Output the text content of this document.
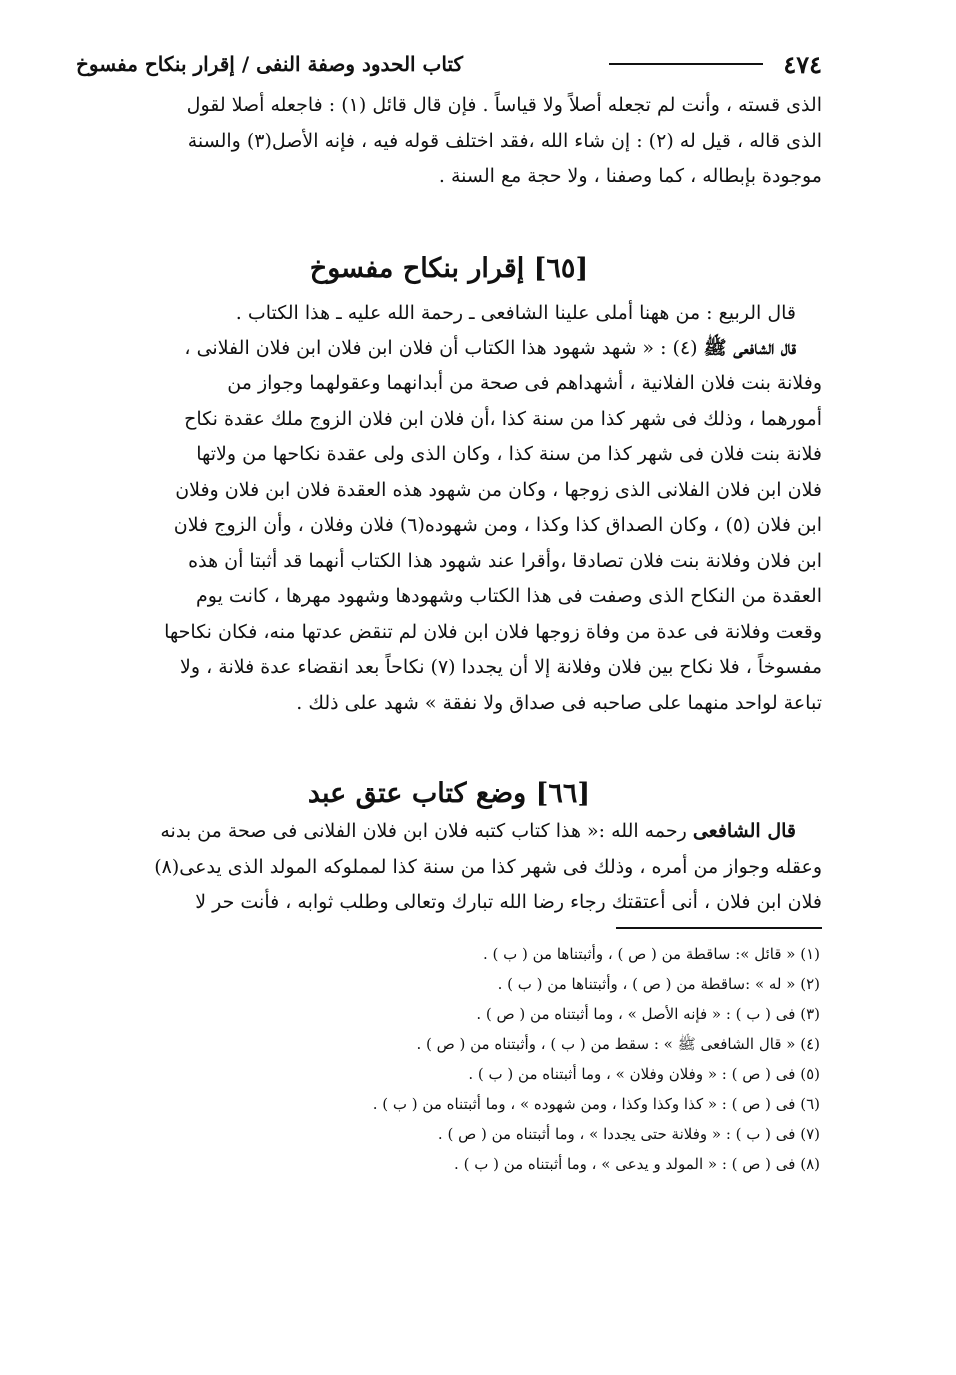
٤٧٤
كتاب الحدود وصفة النفى / إقرار بنكاح مفسوخ

الذى قسته ، وأنت لم تجعله أصلاً ولا قياساً . فإن قال قائل (١) : فاجعله أصلا لقول

الذى قاله ، قيل له (٢) : إن شاء الله ،فقد اختلف قوله فيه ، فإنه الأصل(٣) والسنة

موجودة بإبطاله ، كما وصفنا ، ولا حجة مع السنة .

[٦٥] إقرار بنكاح مفسوخ
قال الربيع : من ههنا أملى علينا الشافعى ـ رحمة الله عليه ـ هذا الكتاب .

قال الشافعى ﷺ (٤) : « شهد شهود هذا الكتاب أن فلان ابن فلان ابن فلان الفلانى ،

وفلانة بنت فلان الفلانية ، أشهداهم فى صحة من أبدانهما وعقولهما وجواز من

أمورهما ، وذلك فى شهر كذا من سنة كذا ،أن فلان ابن فلان الزوج ملك عقدة نكاح

فلانة بنت فلان فى شهر كذا من سنة كذا ، وكان الذى ولى عقدة نكاحها من ولاتها

فلان ابن فلان الفلانى الذى زوجها ، وكان من شهود هذه العقدة فلان ابن فلان وفلان

ابن فلان (٥) ، وكان الصداق كذا وكذا ، ومن شهوده(٦) فلان وفلان ، وأن الزوج فلان

ابن فلان وفلانة بنت فلان تصادقا ،وأقرا عند شهود هذا الكتاب أنهما قد أثبتا أن هذه

العقدة من النكاح الذى وصفت فى هذا الكتاب وشهودها وشهود مهرها ، كانت يوم

وقعت وفلانة فى عدة من وفاة زوجها فلان ابن فلان لم تنقض عدتها منه، فكان نكاحها

مفسوخاً ، فلا نكاح بين فلان وفلانة إلا أن يجددا (٧) نكاحاً بعد انقضاء عدة فلانة ، ولا

تباعة لواحد منهما على صاحبه فى صداق ولا نفقة » شهد على ذلك .

[٦٦] وضع كتاب عتق عبد

قال الشافعى رحمه الله :« هذا كتاب كتبه فلان ابن فلان الفلانى فى صحة من بدنه

وعقله وجواز من أمره ، وذلك فى شهر كذا من سنة كذا لمملوكه المولد الذى يدعى(٨)

فلان ابن فلان ، أنى أعتقتك رجاء رضا الله تبارك وتعالى وطلب ثوابه ، فأنت حر لا

(١) « قائل »: ساقطة من ( ص ) ، وأثبتناها من ( ب ) .

(٢) « له » :ساقطة من ( ص ) ، وأثبتناها من ( ب ) .

(٣) فى ( ب ) : « فإنه الأصل » ، وما أثبتناه من ( ص ) .

(٤) « قال الشافعى ﷺ » : سقط من ( ب ) ، وأثبتناه من ( ص ) .

(٥) فى ( ص ) : « وفلان وفلان » ، وما أثبتناه من ( ب ) .

(٦) فى ( ص ) : « كذا وكذا وكذا ، ومن شهوده » ، وما أثبتناه من ( ب ) .

(٧) فى ( ب ) : « وفلانة حتى يجددا » ، وما أثبتناه من ( ص ) .

(٨) فى ( ص ) : « المولد و يدعى » ، وما أثبتناه من ( ب ) .
